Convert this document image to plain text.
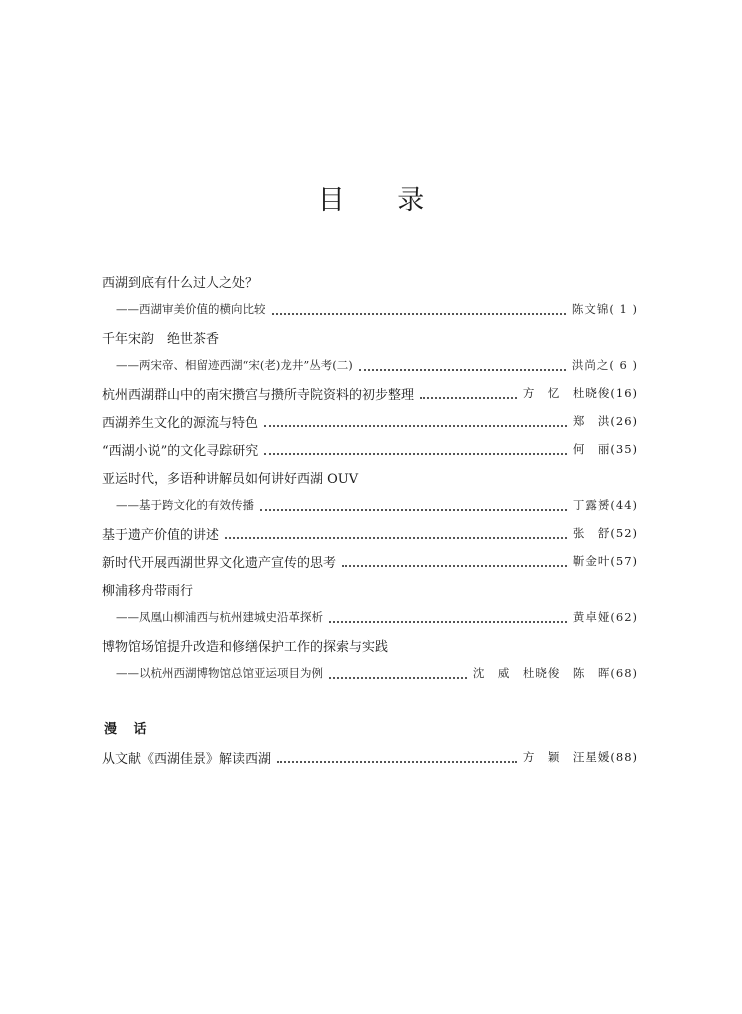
目 录
西湖到底有什么过人之处？
——西湖审美价值的横向比较	陈文锦( 1 )
千年宋韵　绝世茶香
——两宋帝、相留迹西湖“宋(老)龙井”丛考(二)	洪尚之( 6 )
杭州西湖群山中的南宋攒宫与攒所寺院资料的初步整理	方　忆　杜晓俊(16)
西湖养生文化的源流与特色	郑　洪(26)
“西湖小说”的文化寻踪研究	何　丽(35)
亚运时代，多语种讲解员如何讲好西湖 OUV
——基于跨文化的有效传播	丁露赟(44)
基于遗产价值的讲述	张　舒(52)
新时代开展西湖世界文化遗产宣传的思考	靳金叶(57)
柳浦移舟带雨行
——凤凰山柳浦西与杭州建城史沿革探析	黄卓娅(62)
博物馆场馆提升改造和修缮保护工作的探索与实践
——以杭州西湖博物馆总馆亚运项目为例	沈　威　杜晓俊　陈　晖(68)
漫 话
从文献《西湖佳景》解读西湖	方　颖　汪星媛(88)
